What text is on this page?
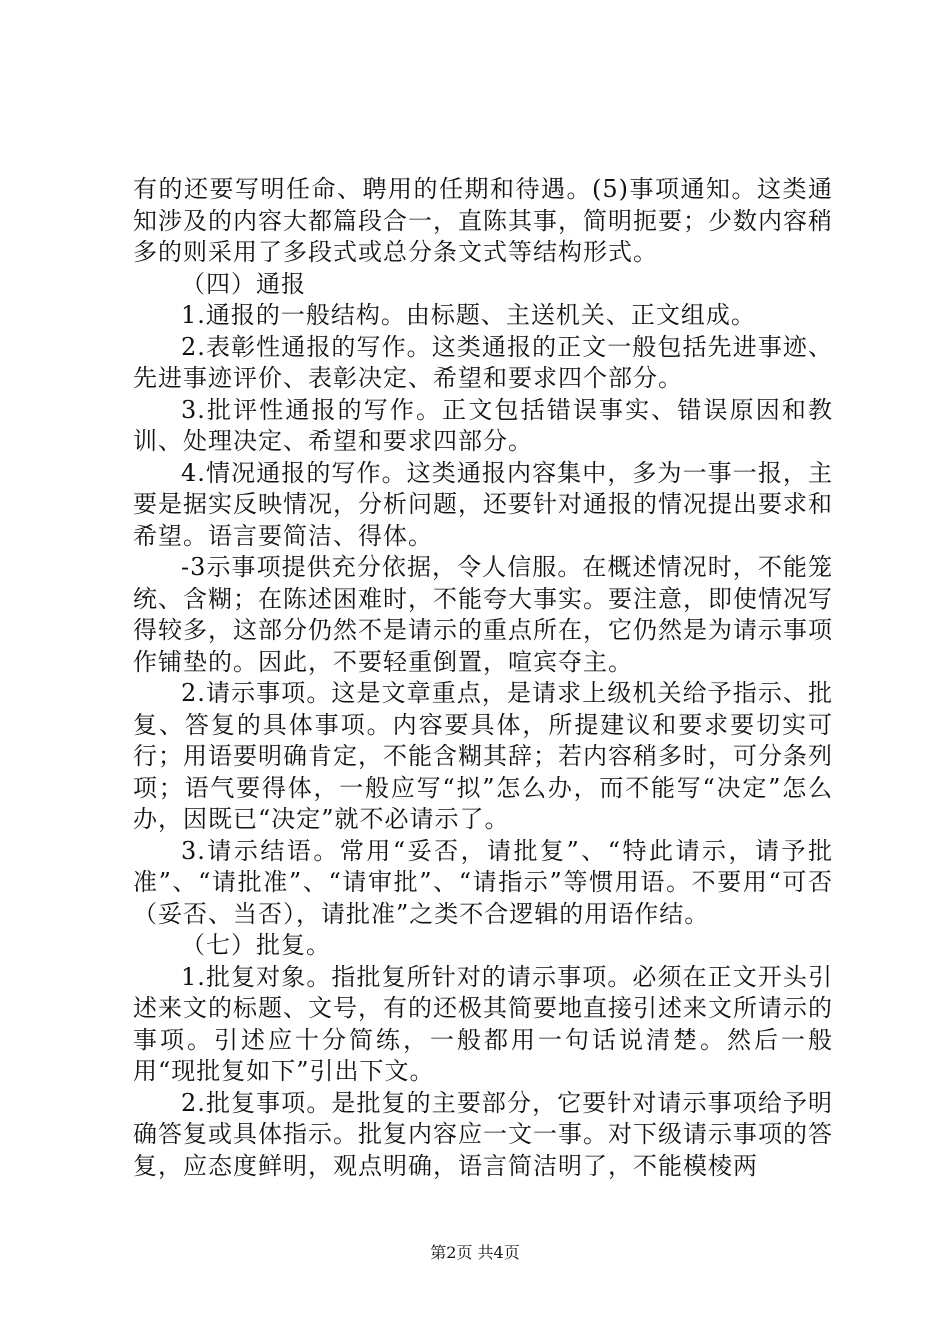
有的还要写明任命、聘用的任期和待遇。(5)事项通知。这类通知涉及的内容大都篇段合一，直陈其事，简明扼要；少数内容稍多的则采用了多段式或总分条文式等结构形式。

（四）通报

1.通报的一般结构。由标题、主送机关、正文组成。

2.表彰性通报的写作。这类通报的正文一般包括先进事迹、先进事迹评价、表彰决定、希望和要求四个部分。

3.批评性通报的写作。正文包括错误事实、错误原因和教训、处理决定、希望和要求四部分。

4.情况通报的写作。这类通报内容集中，多为一事一报，主要是据实反映情况，分析问题，还要针对通报的情况提出要求和希望。语言要简洁、得体。

-3示事项提供充分依据，令人信服。在概述情况时，不能笼统、含糊；在陈述困难时，不能夸大事实。要注意，即使情况写得较多，这部分仍然不是请示的重点所在，它仍然是为请示事项作铺垫的。因此，不要轻重倒置，喧宾夺主。

2.请示事项。这是文章重点，是请求上级机关给予指示、批复、答复的具体事项。内容要具体，所提建议和要求要切实可行；用语要明确肯定，不能含糊其辞；若内容稍多时，可分条列项；语气要得体，一般应写“拟”怎么办，而不能写“决定”怎么办，因既已“决定”就不必请示了。

3.请示结语。常用“妥否，请批复”、“特此请示，请予批准”、“请批准”、“请审批”、“请指示”等惯用语。不要用“可否（妥否、当否），请批准”之类不合逻辑的用语作结。

（七）批复。

1.批复对象。指批复所针对的请示事项。必须在正文开头引述来文的标题、文号，有的还极其简要地直接引述来文所请示的事项。引述应十分简练，一般都用一句话说清楚。然后一般用“现批复如下”引出下文。

2.批复事项。是批复的主要部分，它要针对请示事项给予明确答复或具体指示。批复内容应一文一事。对下级请示事项的答复，应态度鲜明，观点明确，语言简洁明了，不能模棱两

第2页 共4页
